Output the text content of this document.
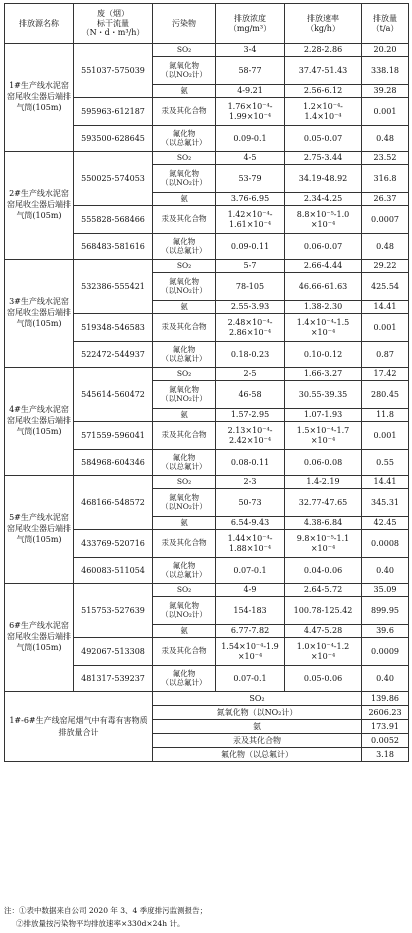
排放源名称	废（烟）
标干流量
（N・d・m³/h）	污染物	排放浓度
（mg/m³）	排放速率
（kg/h）	排放量
（t/a）
1#生产线水泥窑窑尾收尘器后端排气筒(105m)	551037-575039	SO₂	3-4	2.28-2.86	20.20
		氮氧化物
（以NO₂计）	58-77	37.47-51.43	338.18
		氨	4-9.21	2.56-6.12	39.28
	595963-612187	汞及其化合物	1.76×10⁻⁴-
1.99×10⁻⁴	1.2×10⁻⁴-
1.4×10⁻⁴	0.001
	593500-628645	氟化物
（以总氟计）	0.09-0.1	0.05-0.07	0.48
2#生产线水泥窑窑尾收尘器后端排气筒(105m)	550025-574053	SO₂	4-5	2.75-3.44	23.52
		氮氧化物
（以NO₂计）	53-79	34.19-48.92	316.8
		氨	3.76-6.95	2.34-4.25	26.37
	555828-568466	汞及其化合物	1.42×10⁻⁴-
1.61×10⁻⁴	8.8×10⁻⁵-1.0
×10⁻⁴	0.0007
	568483-581616	氟化物
（以总氟计）	0.09-0.11	0.06-0.07	0.48
3#生产线水泥窑窑尾收尘器后端排气筒(105m)	532386-555421	SO₂	5-7	2.66-4.44	29.22
		氮氧化物
（以NO₂计）	78-105	46.66-61.63	425.54
		氨	2.55-3.93	1.38-2.30	14.41
	519348-546583	汞及其化合物	2.48×10⁻⁴-
2.86×10⁻⁴	1.4×10⁻⁴-1.5
×10⁻⁴	0.001
	522472-544937	氟化物
（以总氟计）	0.18-0.23	0.10-0.12	0.87
4#生产线水泥窑窑尾收尘器后端排气筒(105m)	545614-560472	SO₂	2-5	1.66-3.27	17.42
		氮氧化物
（以NO₂计）	46-58	30.55-39.35	280.45
		氨	1.57-2.95	1.07-1.93	11.8
	571559-596041	汞及其化合物	2.13×10⁻⁴-
2.42×10⁻⁴	1.5×10⁻⁴-1.7
×10⁻⁴	0.001
	584968-604346	氟化物
（以总氟计）	0.08-0.11	0.06-0.08	0.55
5#生产线水泥窑窑尾收尘器后端排气筒(105m)	468166-548572	SO₂	2-3	1.4-2.19	14.41
		氮氧化物
（以NO₂计）	50-73	32.77-47.65	345.31
		氨	6.54-9.43	4.38-6.84	42.45
	433769-520716	汞及其化合物	1.44×10⁻⁴-
1.88×10⁻⁴	9.8×10⁻⁵-1.1
×10⁻⁴	0.0008
	460083-511054	氟化物
（以总氟计）	0.07-0.1	0.04-0.06	0.40
6#生产线水泥窑窑尾收尘器后端排气筒(105m)	515753-527639	SO₂	4-9	2.64-5.72	35.09
		氮氧化物
（以NO₂计）	154-183	100.78-125.42	899.95
		氨	6.77-7.82	4.47-5.28	39.6
	492067-513308	汞及其化合物	1.54×10⁻⁴-1.9
×10⁻⁴	1.0×10⁻⁴-1.2
×10⁻⁴	0.0009
	481317-539237	氟化物
（以总氟计）	0.07-0.1	0.05-0.06	0.40
1#-6#生产线窑尾烟气中有毒有害物质排放量合计		SO₂			139.86
		氮氧化物（以NO₂计）			2606.23
		氨			173.91
		汞及其化合物			0.0052
		氟化物（以总氟计）			3.18
注：①表中数据来自公司 2020 年 3、4 季度排污监测报告；
②排放量按污染物平均排放速率×330d×24h 计。
